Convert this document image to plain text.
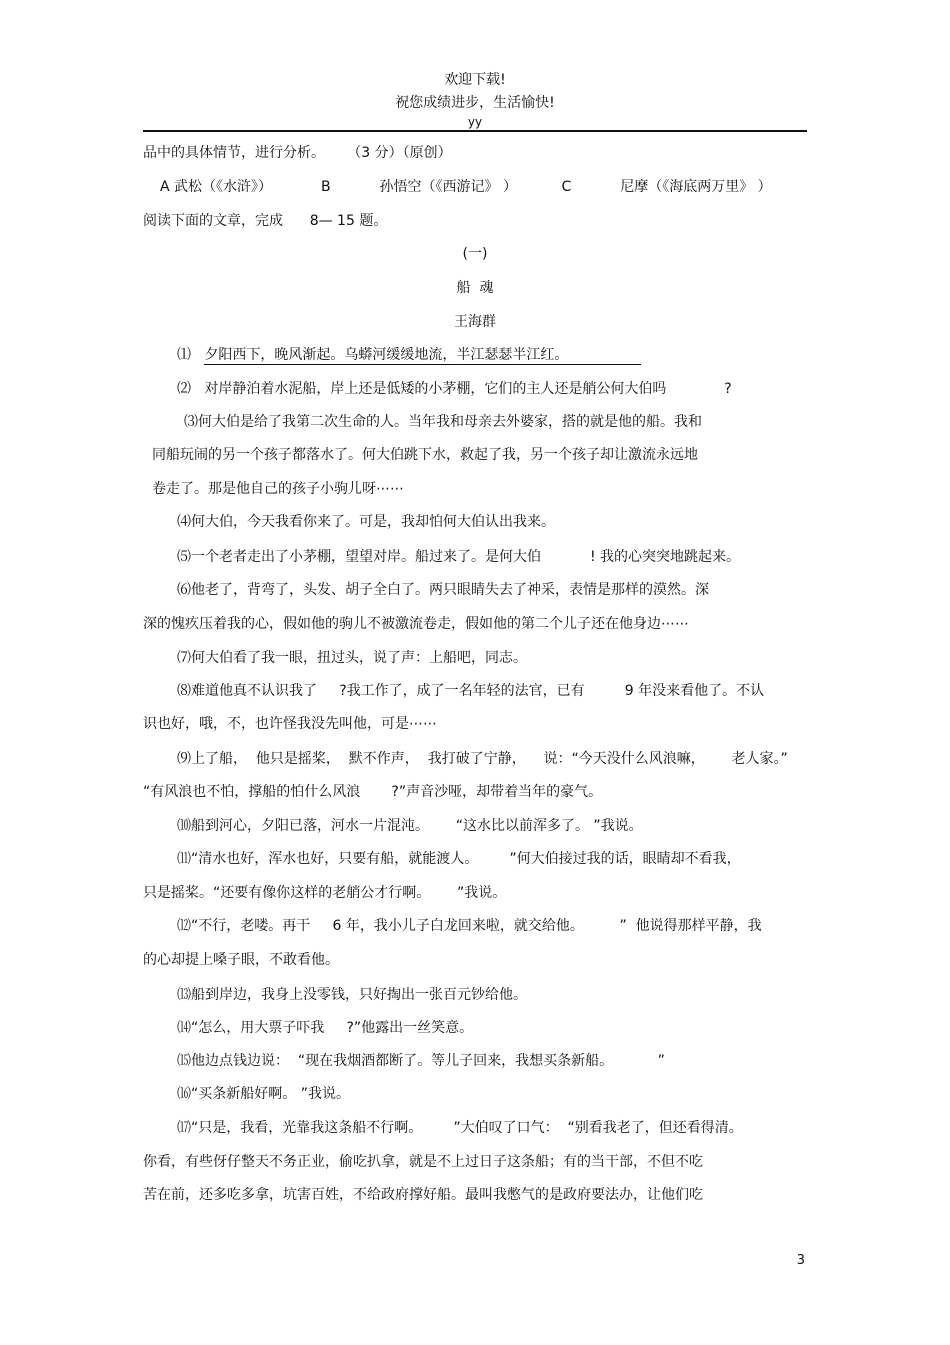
欢迎下载!
祝您成绩进步，生活愉快!
yy
品中的具体情节，进行分析。     （3 分）（原创）
A 武松（《水浒》）           B           孙悟空（《西游记》 ）          C           尼摩（《海底两万里》 ）
阅读下面的文章，完成      8— 15 题。
(一)
船  魂
王海群
⑴   夕阳西下，晚风渐起。乌蟒河缓缓地流，半江瑟瑟半江红。
⑵   对岸静泊着水泥船，岸上还是低矮的小茅棚，它们的主人还是艄公何大伯吗             ?
⑶何大伯是给了我第二次生命的人。当年我和母亲去外婆家，搭的就是他的船。我和
同船玩闹的另一个孩子都落水了。何大伯跳下水，救起了我，另一个孩子却让激流永远地
卷走了。那是他自己的孩子小驹儿呀⋯⋯
⑷何大伯，今天我看你来了。可是，我却怕何大伯认出我来。
⑸一个老者走出了小茅棚，望望对岸。船过来了。是何大伯           ! 我的心突突地跳起来。
⑹他老了，背弯了，头发、胡子全白了。两只眼睛失去了神采，表情是那样的漠然。深
深的愧疚压着我的心，假如他的驹儿不被激流卷走，假如他的第二个儿子还在他身边⋯⋯
⑺何大伯看了我一眼，扭过头，说了声：上船吧，同志。
⑻难道他真不认识我了     ?我工作了，成了一名年轻的法官，已有         9 年没来看他了。不认
识也好，哦，不，也许怪我没先叫他，可是⋯⋯
⑼上了船，  他只是摇桨，  默不作声，  我打破了宁静，    说：“今天没什么风浪嘛，      老人家。”
“有风浪也不怕，撑船的怕什么风浪       ?”声音沙哑，却带着当年的豪气。
⑽船到河心，夕阳已落，河水一片混沌。      “这水比以前浑多了。 ”我说。
⑾“清水也好，浑水也好，只要有船，就能渡人。       ”何大伯接过我的话，眼睛却不看我，
只是摇桨。“还要有像你这样的老艄公才行啊。      ”我说。
⑿“不行，老喽。再干     6 年，我小儿子白龙回来啦，就交给他。        ”  他说得那样平静，我
的心却提上嗓子眼，不敢看他。
⒀船到岸边，我身上没零钱，只好掏出一张百元钞给他。
⒁“怎么，用大票子吓我     ?”他露出一丝笑意。
⒂他边点钱边说：  “现在我烟酒都断了。等儿子回来，我想买条新船。          ”
⒃“买条新船好啊。 ”我说。
⒄“只是，我看，光靠我这条船不行啊。       ”大伯叹了口气：  “别看我老了，但还看得清。
你看，有些伢仔整天不务正业，偷吃扒拿，就是不上过日子这条船；有的当干部，不但不吃
苦在前，还多吃多拿，坑害百姓，不给政府撑好船。最叫我憋气的是政府要法办，让他们吃
3
